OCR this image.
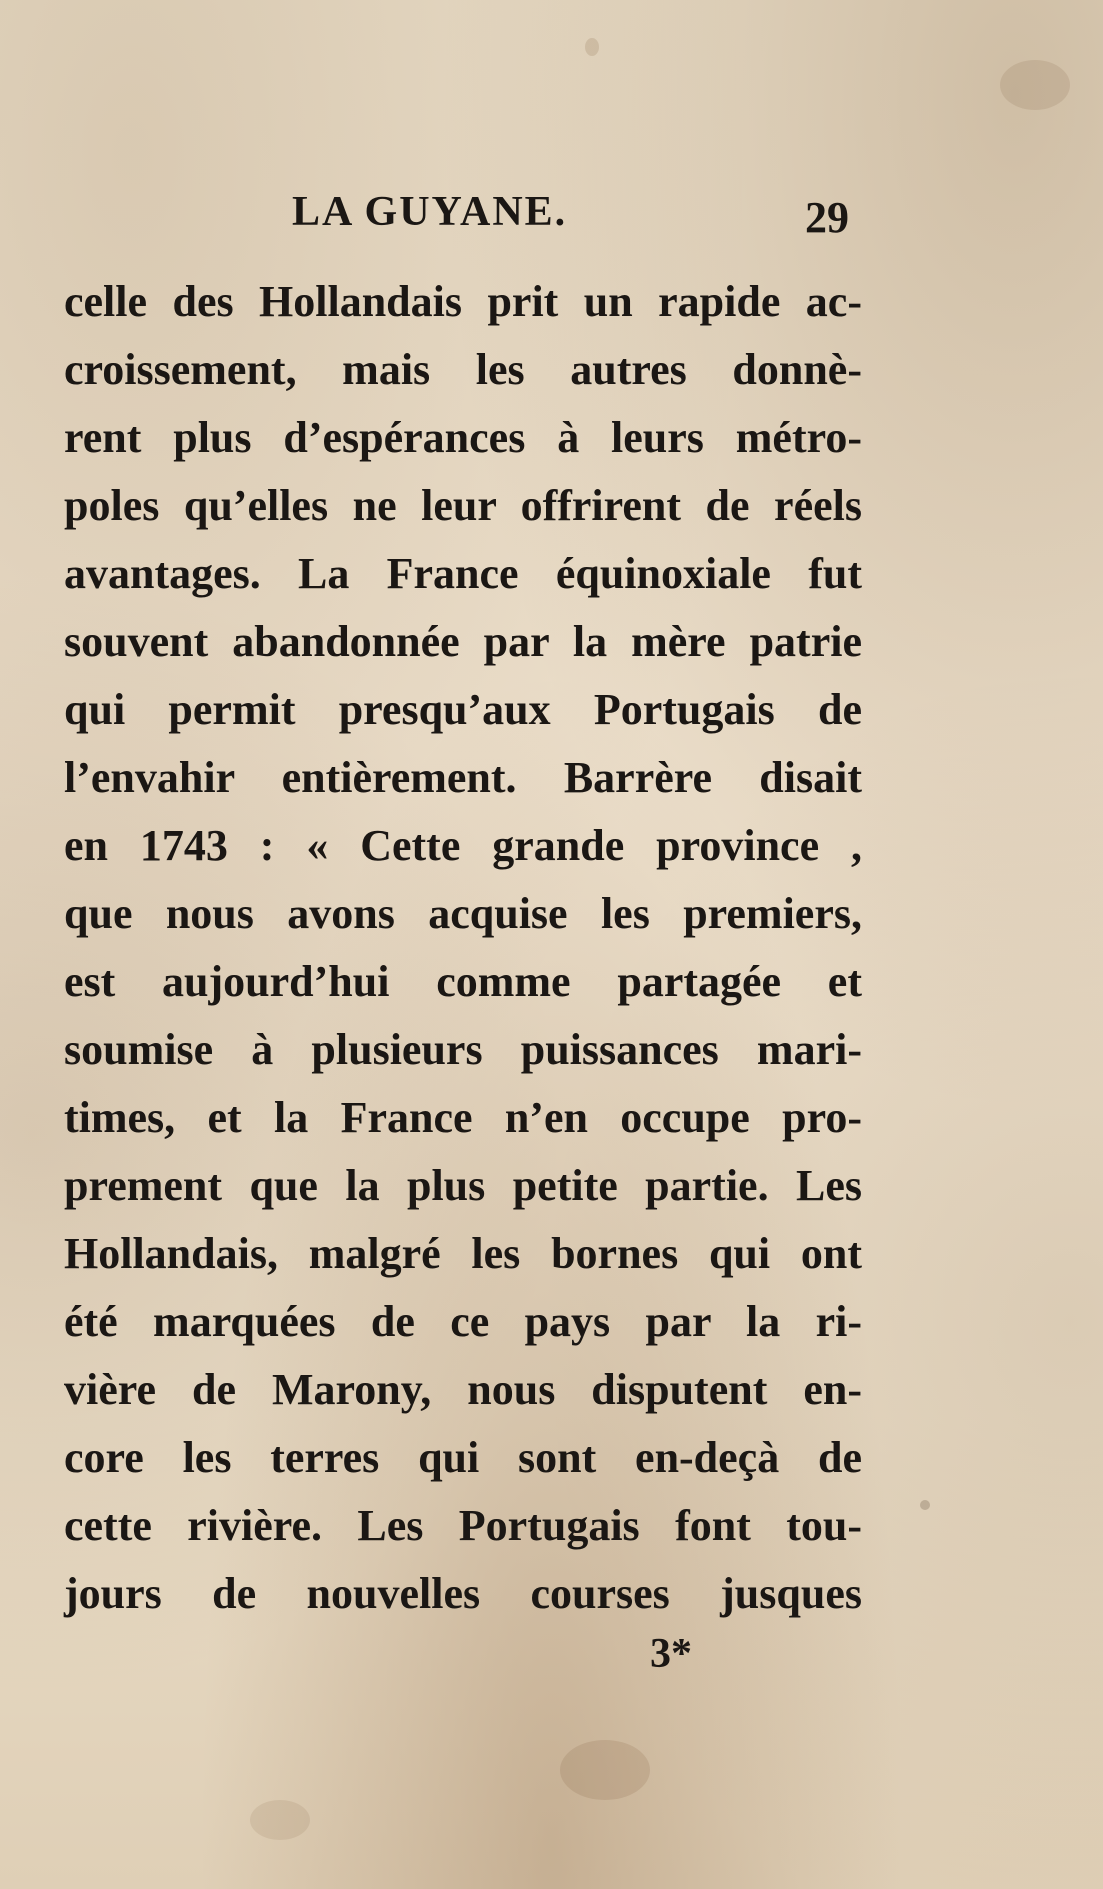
LA GUYANE.	29
celle des Hollandais prit un rapide ac-
croissement, mais les autres donnè-
rent plus d’espérances à leurs métro-
poles qu’elles ne leur offrirent de réels
avantages. La France équinoxiale fut
souvent abandonnée par la mère patrie
qui permit presqu’aux Portugais de
l’envahir entièrement. Barrère disait
en 1743 : « Cette grande province ,
que nous avons acquise les premiers,
est aujourd’hui comme partagée et
soumise à plusieurs puissances mari-
times, et la France n’en occupe pro-
prement que la plus petite partie. Les
Hollandais, malgré les bornes qui ont
été marquées de ce pays par la ri-
vière de Marony, nous disputent en-
core les terres qui sont en-deçà de
cette rivière. Les Portugais font tou-
jours de nouvelles courses jusques
3*
